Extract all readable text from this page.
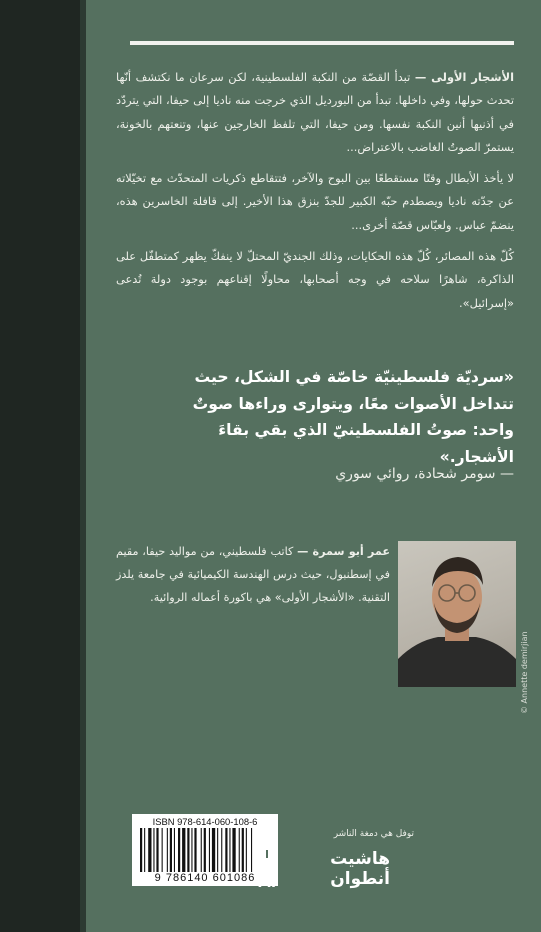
الأشجار الأولى — تبدأ القصّة من النكبة الفلسطينية، لكن سرعان ما نكتشف أنّها تحدث حولها، وفي داخلها. تبدأ من البورديل الذي خرجت منه ناديا إلى حيفا، التي يتردّد في أذنيها أنين النكبة نفسها. ومن حيفا، التي تلفظ الخارجين عنها، وتنعتهم بالخونة، يستمرّ الصوتُ الغاضب بالاعتراض...

لا يأخذ الأبطال وقتًا مستقطعًا بين البوح والآخر، فتتقاطع ذكريات المتحدّث مع تخيّلاته عن جدّته ناديا ويصطدم حبّه الكبير للجدّ بنزق هذا الأخير. إلى قافلة الخاسرين هذه، ينضمّ عباس. ولعبّاس قصّة أخرى...

كُلّ هذه المصائر، كُلّ هذه الحكايات، وذلك الجنديّ المحتلّ لا ينفكّ يظهر كمتطفّل على الذاكرة، شاهرًا سلاحه في وجه أصحابها، محاولًا إقناعهم بوجود دولة تُدعى «إسرائيل».

«سرديّة فلسطينيّة خاصّة في الشكل، حيث تتداخل الأصوات معًا، ويتوارى وراءها صوتٌ واحد: صوتُ الفلسطينيّ الذي بقي بقاءَ الأشجار.»
— سومر شحادة، روائي سوري
© Annette demirjian
عمر أبو سمرة — كاتب فلسطيني، من مواليد حيفا، مقيم في إسطنبول، حيث درس الهندسة الكيميائية في جامعة يلدز التقنية. «الأشجار الأولى» هي باكورة أعماله الروائية.
ISBN 978-614-060-108-6
9 786140 601086
توفل هي دمغة الناشر
هاشيت
أنطوان
A.
